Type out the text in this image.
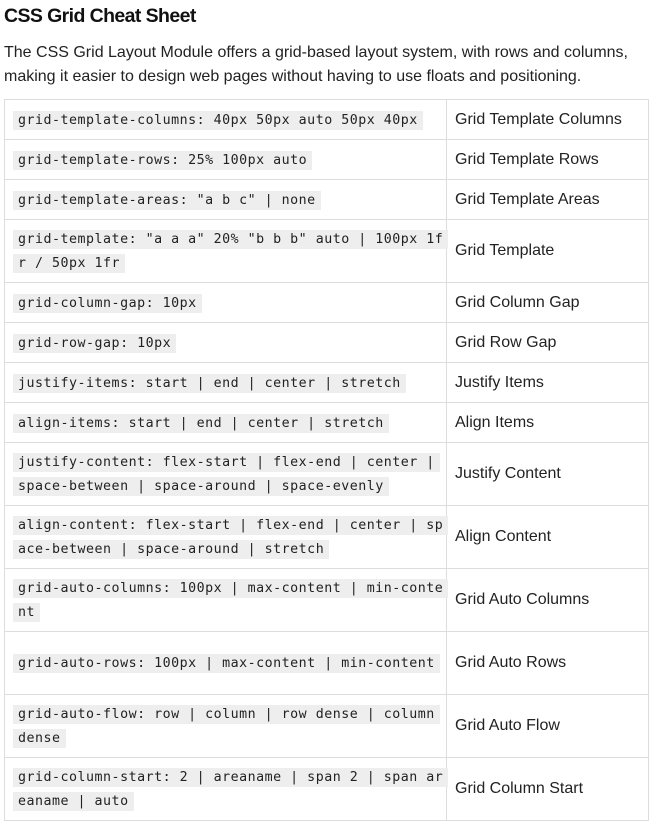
CSS Grid Cheat Sheet

The CSS Grid Layout Module offers a grid-based layout system, with rows and columns, making it easier to design web pages without having to use floats and positioning.

grid-template-columns: 40px 50px auto 50px 40px	Grid Template Columns

grid-template-rows: 25% 100px auto	Grid Template Rows

grid-template-areas: "a b c" | none	Grid Template Areas

grid-template: "a a a" 20% "b b b" auto | 100px 1fr / 50px 1fr	Grid Template

grid-column-gap: 10px	Grid Column Gap

grid-row-gap: 10px	Grid Row Gap

justify-items: start | end | center | stretch	Justify Items

align-items: start | end | center | stretch	Align Items

justify-content: flex-start | flex-end | center | space-between | space-around | space-evenly	Justify Content

align-content: flex-start | flex-end | center | space-between | space-around | stretch	Align Content

grid-auto-columns: 100px | max-content | min-content	Grid Auto Columns

grid-auto-rows: 100px | max-content | min-content	Grid Auto Rows

grid-auto-flow: row | column | row dense | column dense	Grid Auto Flow

grid-column-start: 2 | areaname | span 2 | span areaname | auto	Grid Column Start
